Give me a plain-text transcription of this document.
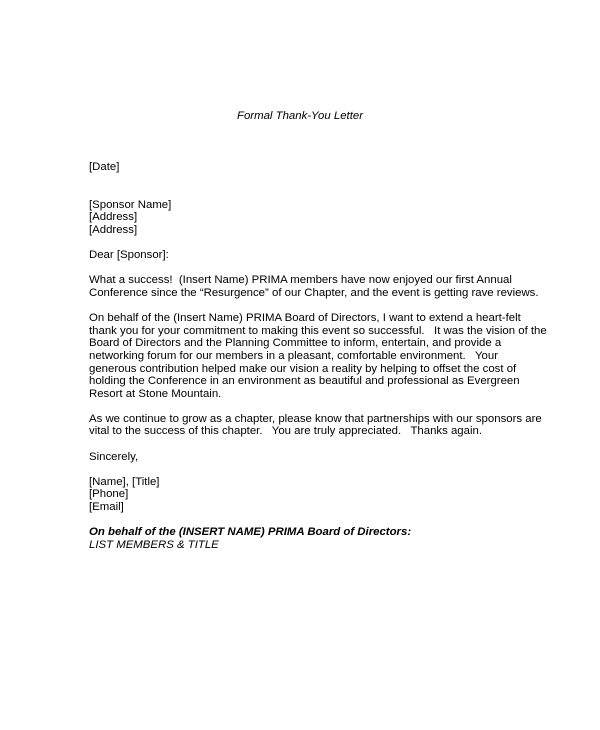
Formal Thank-You Letter
[Date]
[Sponsor Name]
[Address]
[Address]
Dear [Sponsor]:
What a success!  (Insert Name) PRIMA members have now enjoyed our first Annual
Conference since the “Resurgence” of our Chapter, and the event is getting rave reviews.
On behalf of the (Insert Name) PRIMA Board of Directors, I want to extend a heart-felt
thank you for your commitment to making this event so successful.   It was the vision of the
Board of Directors and the Planning Committee to inform, entertain, and provide a
networking forum for our members in a pleasant, comfortable environment.   Your
generous contribution helped make our vision a reality by helping to offset the cost of
holding the Conference in an environment as beautiful and professional as Evergreen
Resort at Stone Mountain.
As we continue to grow as a chapter, please know that partnerships with our sponsors are
vital to the success of this chapter.   You are truly appreciated.   Thanks again.
Sincerely,
[Name], [Title]
[Phone]
[Email]
On behalf of the (INSERT NAME) PRIMA Board of Directors:
LIST MEMBERS & TITLE
